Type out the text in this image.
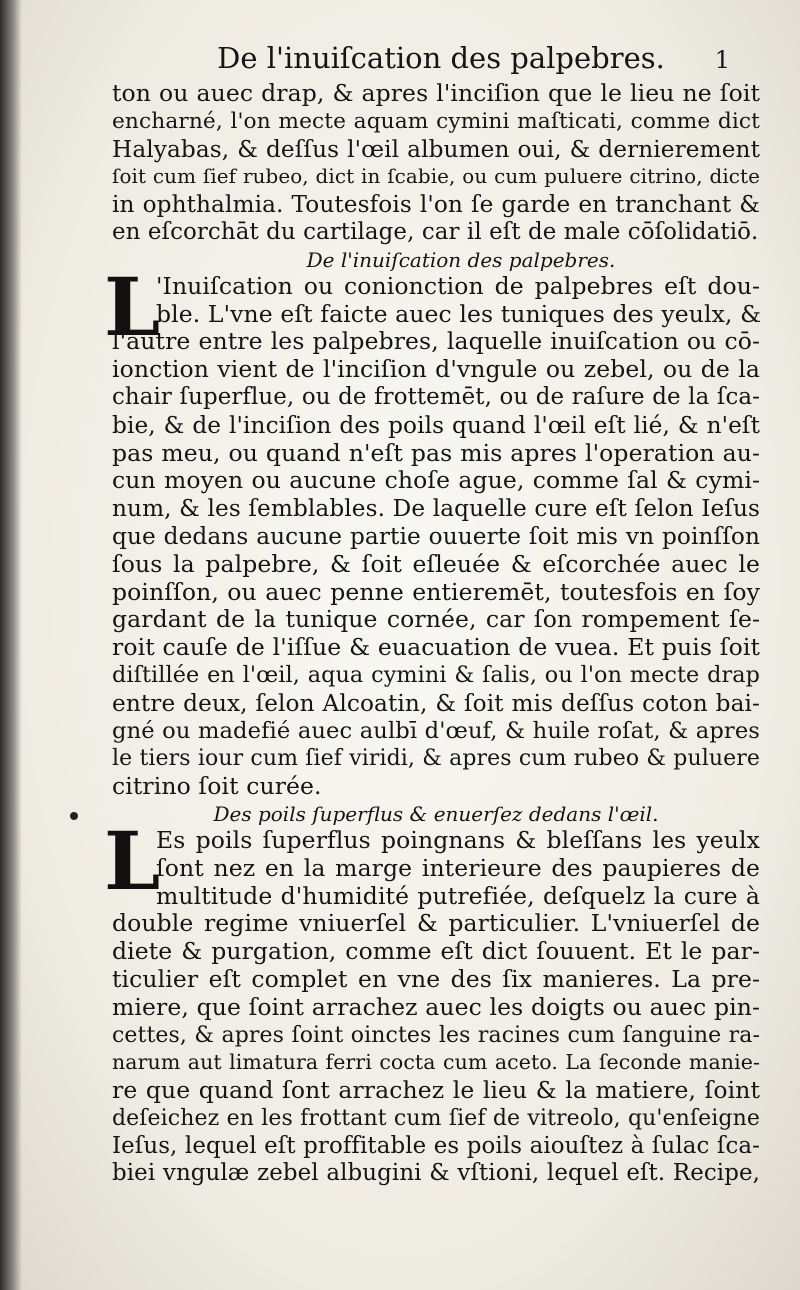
De l'inuiſcation des palpebres. 1
ton ou auec drap, & apres l'inciſion que le lieu ne ſoit
encharné, l'on mecte aquam cymini maſticati, comme dict
Halyabas, & deſſus l'œil albumen oui, & dernierement
ſoit cum ſief rubeo, dict in ſcabie, ou cum puluere citrino, dicte
in ophthalmia. Toutesfois l'on ſe garde en tranchant &
en eſcorchāt du cartilage, car il eſt de male cōſolidatiō.
De l'inuiſcation des palpebres.
L
'Inuiſcation ou conionction de palpebres eſt dou-
ble. L'vne eſt faicte auec les tuniques des yeulx, &
l'autre entre les palpebres, laquelle inuiſcation ou cō-
ionction vient de l'inciſion d'vngule ou zebel, ou de la
chair ſuperflue, ou de frottemēt, ou de raſure de la ſca-
bie, & de l'inciſion des poils quand l'œil eſt lié, & n'eſt
pas meu, ou quand n'eſt pas mis apres l'operation au-
cun moyen ou aucune choſe ague, comme ſal & cymi-
num, & les ſemblables. De laquelle cure eſt ſelon Ieſus
que dedans aucune partie ouuerte ſoit mis vn poinſſon
ſous la palpebre, & ſoit eſleuée & eſcorchée auec le
poinſſon, ou auec penne entieremēt, toutesfois en ſoy
gardant de la tunique cornée, car ſon rompement ſe-
roit cauſe de l'iſſue & euacuation de vuea. Et puis ſoit
diſtillée en l'œil, aqua cymini & ſalis, ou l'on mecte drap
entre deux, ſelon Alcoatin, & ſoit mis deſſus coton bai-
gné ou madefié auec aulbī d'œuf, & huile roſat, & apres
le tiers iour cum ſief viridi, & apres cum rubeo & puluere
citrino ſoit curée.
Des poils ſuperflus & enuerſez dedans l'œil.
L
Es poils ſuperflus poingnans & bleſſans les yeulx
ſont nez en la marge interieure des paupieres de
multitude d'humidité putrefiée, deſquelz la cure à
double regime vniuerſel & particulier. L'vniuerſel de
diete & purgation, comme eſt dict ſouuent. Et le par-
ticulier eſt complet en vne des ſix manieres. La pre-
miere, que ſoint arrachez auec les doigts ou auec pin-
cettes, & apres ſoint oinctes les racines cum ſanguine ra-
narum aut limatura ferri cocta cum aceto. La ſeconde manie-
re que quand ſont arrachez le lieu & la matiere, ſoint
deſeichez en les frottant cum ſief de vitreolo, qu'enſeigne
Ieſus, lequel eſt proffitable es poils aiouſtez à ſulac ſca-
biei vngulæ zebel albugini & vſtioni, lequel eſt. Recipe,
